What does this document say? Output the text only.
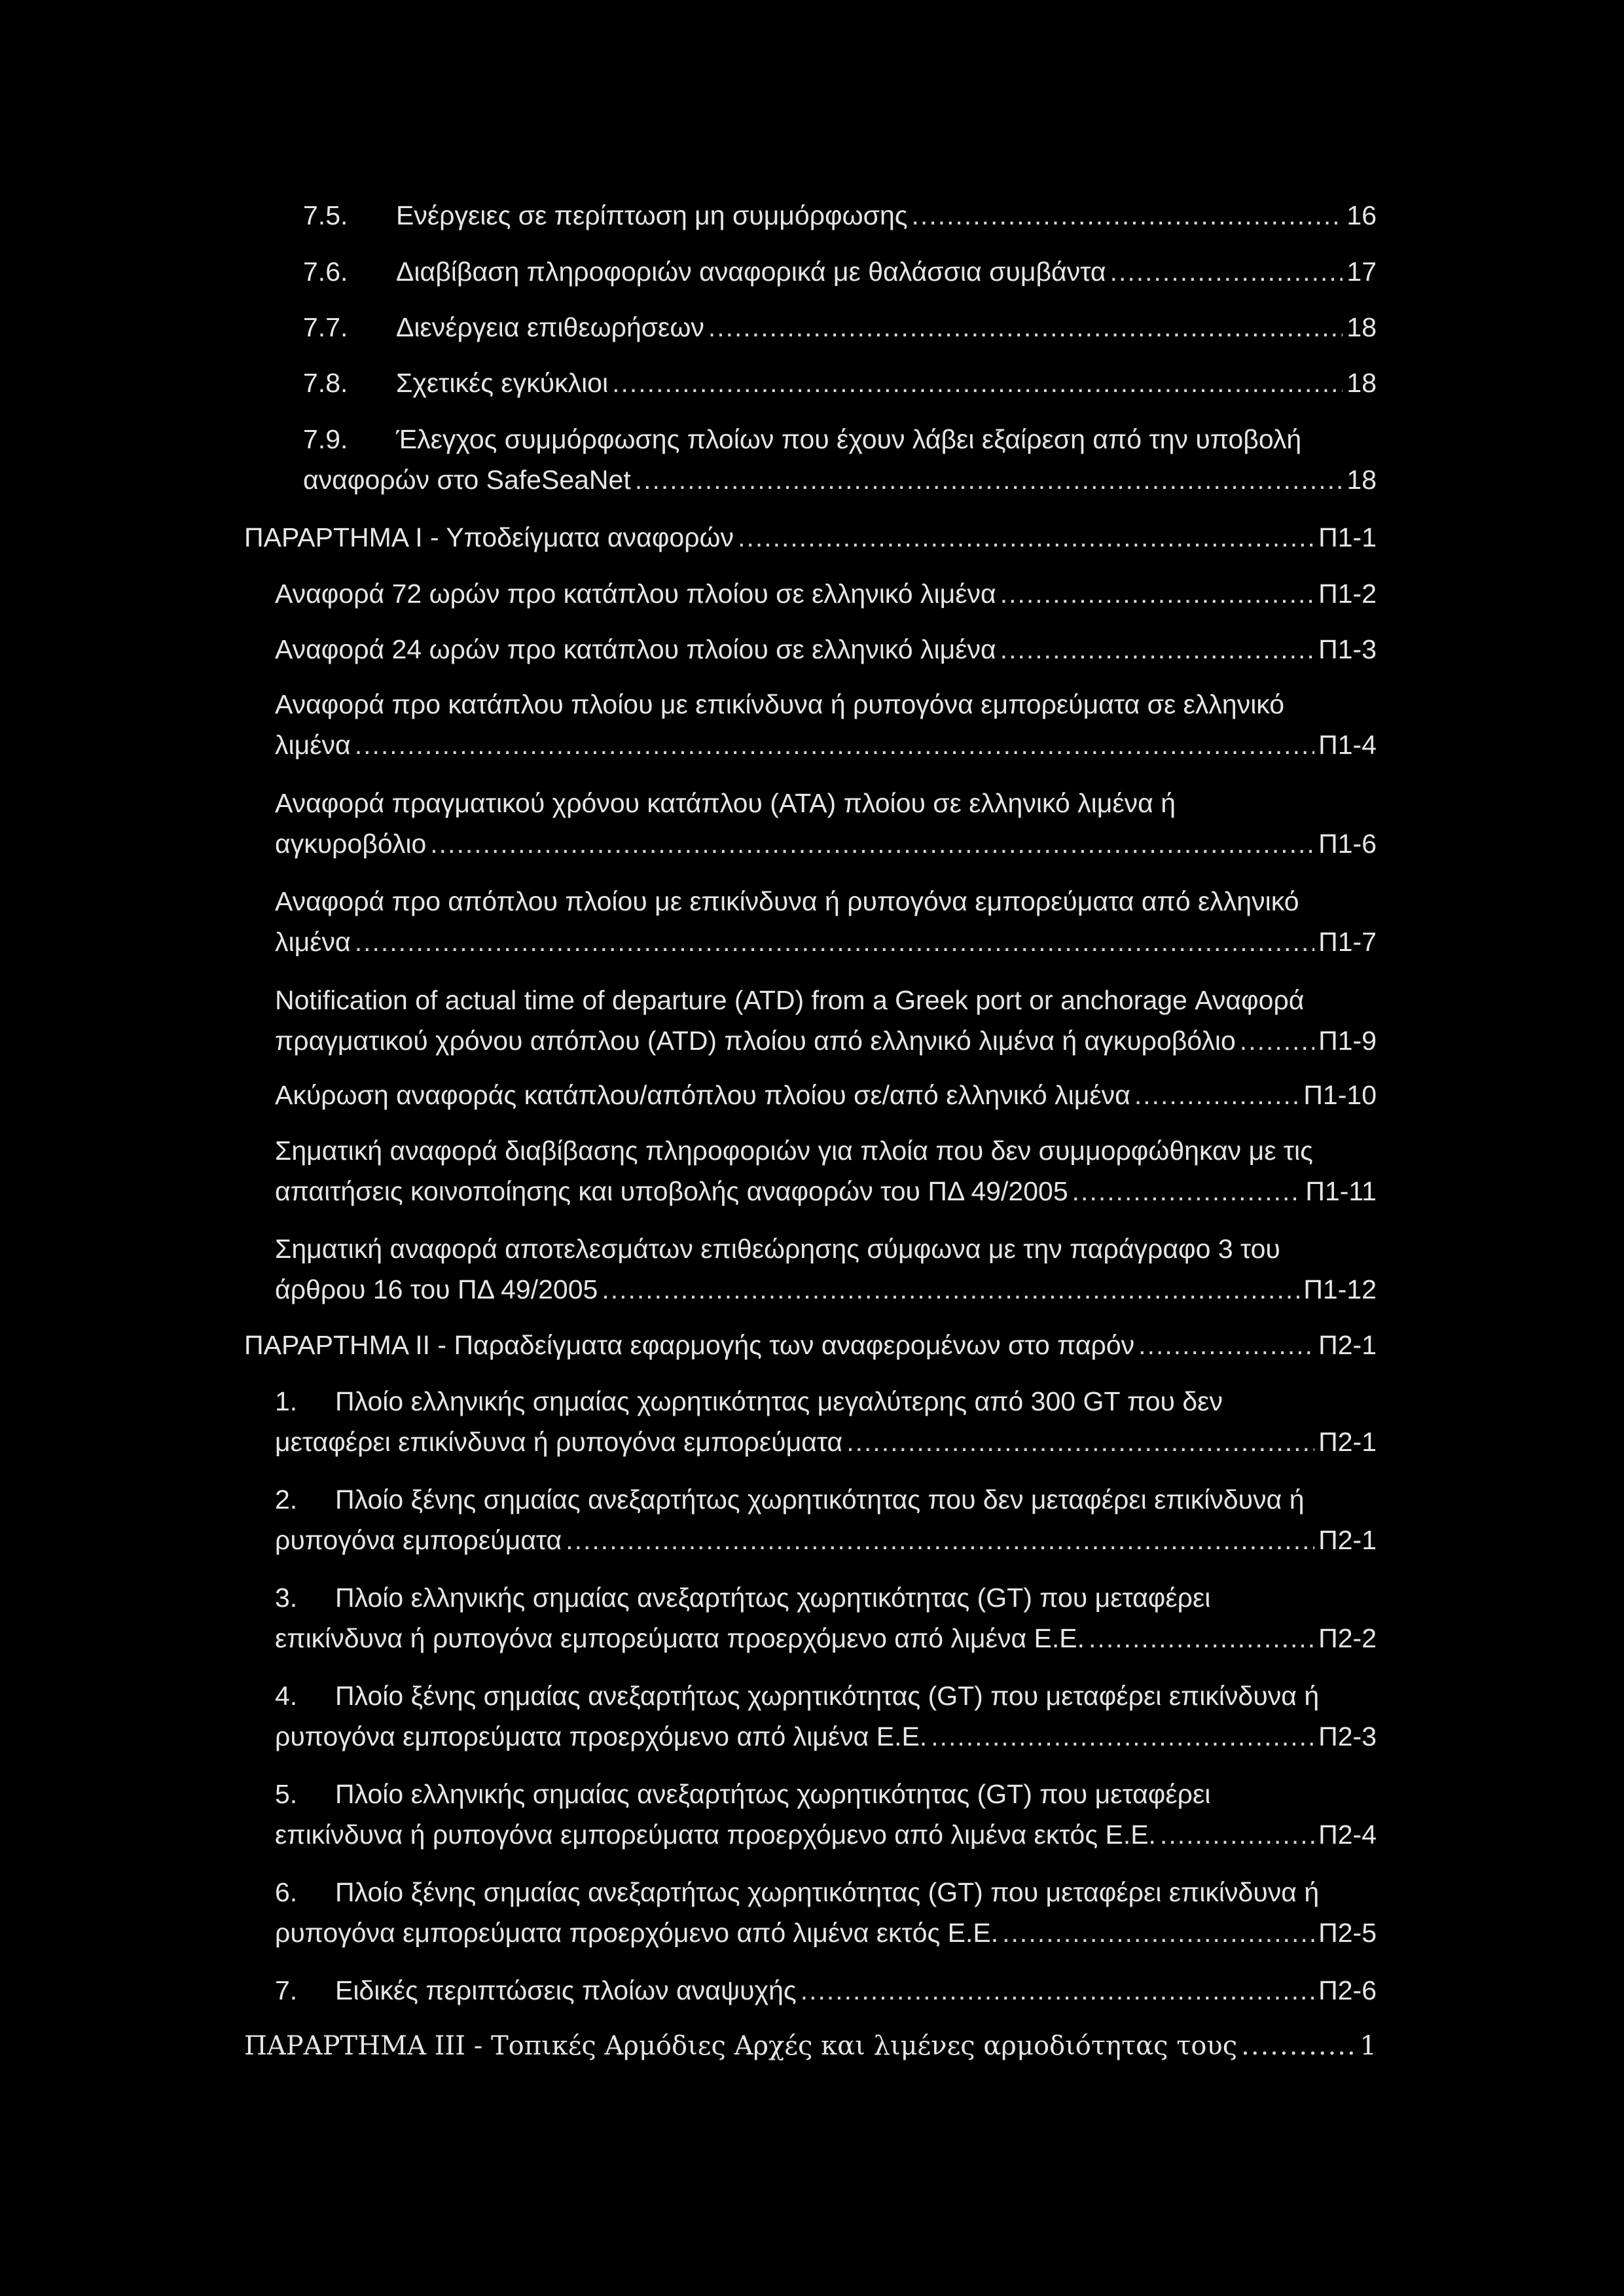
7.5.	Ενέργειες σε περίπτωση μη συμμόρφωσης .....	16
7.6.	Διαβίβαση πληροφοριών αναφορικά με θαλάσσια συμβάντα .....	17
7.7.	Διενέργεια επιθεωρήσεων .....	18
7.8.	Σχετικές εγκύκλιοι .....	18
7.9. Έλεγχος συμμόρφωσης πλοίων που έχουν λάβει εξαίρεση από την υποβολή
αναφορών στο SafeSeaNet .....	18
ΠΑΡΑΡΤΗΜΑ Ι - Υποδείγματα αναφορών .....	Π1-1
Αναφορά 72 ωρών προ κατάπλου πλοίου σε ελληνικό λιμένα .....	Π1-2
Αναφορά 24 ωρών προ κατάπλου πλοίου σε ελληνικό λιμένα .....	Π1-3
Αναφορά προ κατάπλου πλοίου με επικίνδυνα ή ρυπογόνα εμπορεύματα σε ελληνικό
λιμένα .....	Π1-4
Αναφορά πραγματικού χρόνου κατάπλου (ΑΤΑ) πλοίου σε ελληνικό λιμένα ή
αγκυροβόλιο .....	Π1-6
Αναφορά προ απόπλου πλοίου με επικίνδυνα ή ρυπογόνα εμπορεύματα από ελληνικό
λιμένα .....	Π1-7
Notification of actual time of departure (ATD) from a Greek port or anchorage Αναφορά
πραγματικού χρόνου απόπλου (ATD) πλοίου από ελληνικό λιμένα ή αγκυροβόλιο .....	Π1-9
Ακύρωση αναφοράς κατάπλου/απόπλου πλοίου σε/από ελληνικό λιμένα .....	Π1-10
Σηματική αναφορά διαβίβασης πληροφοριών για πλοία που δεν συμμορφώθηκαν με τις
απαιτήσεις κοινοποίησης και υποβολής αναφορών του ΠΔ 49/2005 .....	Π1-11
Σηματική αναφορά αποτελεσμάτων επιθεώρησης σύμφωνα με την παράγραφο 3 του
άρθρου 16 του ΠΔ 49/2005 .....	Π1-12
ΠΑΡΑΡΤΗΜΑ ΙΙ - Παραδείγματα εφαρμογής των αναφερομένων στο παρόν .....	Π2-1
1. Πλοίο ελληνικής σημαίας χωρητικότητας μεγαλύτερης από 300 GT που δεν
μεταφέρει επικίνδυνα ή ρυπογόνα εμπορεύματα .....	Π2-1
2. Πλοίο ξένης σημαίας ανεξαρτήτως χωρητικότητας που δεν μεταφέρει επικίνδυνα ή
ρυπογόνα εμπορεύματα .....	Π2-1
3. Πλοίο ελληνικής σημαίας ανεξαρτήτως χωρητικότητας (GT) που μεταφέρει
επικίνδυνα ή ρυπογόνα εμπορεύματα προερχόμενο από λιμένα Ε.Ε. .....	Π2-2
4. Πλοίο ξένης σημαίας ανεξαρτήτως χωρητικότητας (GT) που μεταφέρει επικίνδυνα ή
ρυπογόνα εμπορεύματα προερχόμενο από λιμένα Ε.Ε. .....	Π2-3
5. Πλοίο ελληνικής σημαίας ανεξαρτήτως χωρητικότητας (GT) που μεταφέρει
επικίνδυνα ή ρυπογόνα εμπορεύματα προερχόμενο από λιμένα εκτός Ε.Ε. .....	Π2-4
6. Πλοίο ξένης σημαίας ανεξαρτήτως χωρητικότητας (GT) που μεταφέρει επικίνδυνα ή
ρυπογόνα εμπορεύματα προερχόμενο από λιμένα εκτός Ε.Ε. .....	Π2-5
7.	Ειδικές περιπτώσεις πλοίων αναψυχής .....	Π2-6
ΠΑΡΑΡΤΗΜΑ ΙΙΙ - Τοπικές Αρμόδιες Αρχές και λιμένες αρμοδιότητας τους .....	1
